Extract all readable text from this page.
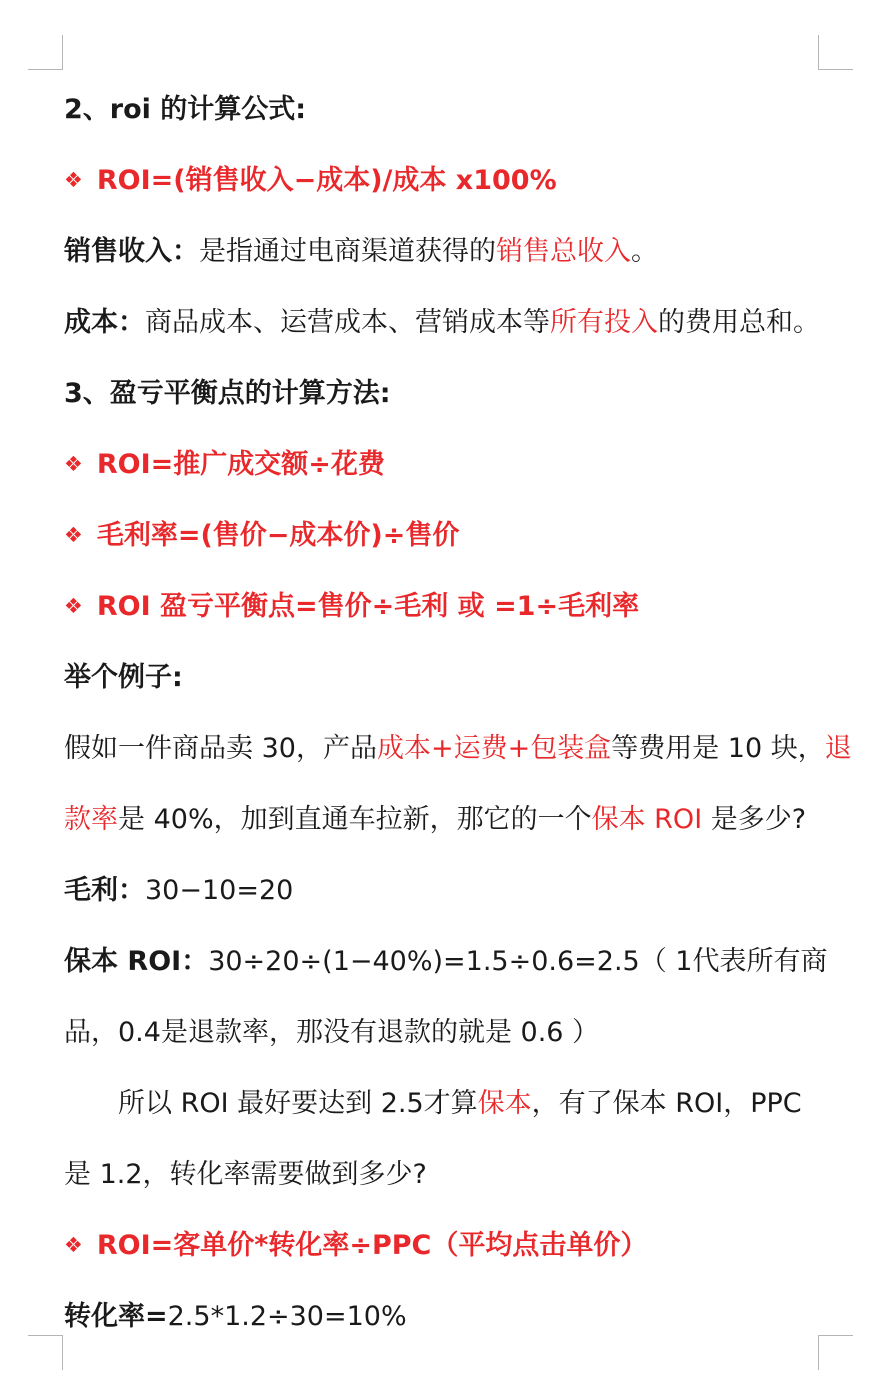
2、roi 的计算公式:
❖ ROI=(销售收入−成本)/成本 x100%
销售收入：是指通过电商渠道获得的销售总收入。
成本：商品成本、运营成本、营销成本等所有投入的费用总和。
3、盈亏平衡点的计算方法:
❖ ROI=推广成交额÷花费
❖ 毛利率=(售价−成本价)÷售价
❖ ROI 盈亏平衡点=售价÷毛利 或 =1÷毛利率
举个例子:
假如一件商品卖 30，产品成本+运费+包装盒等费用是 10 块，退
款率是 40%，加到直通车拉新，那它的一个保本 ROI 是多少?
毛利：30−10=20
保本 ROI：30÷20÷(1−40%)=1.5÷0.6=2.5（ 1代表所有商
品，0.4是退款率，那没有退款的就是 0.6 ）
所以 ROI 最好要达到 2.5才算保本，有了保本 ROI，PPC
是 1.2，转化率需要做到多少?
❖ ROI=客单价*转化率÷PPC（平均点击单价）
转化率=2.5*1.2÷30=10%
